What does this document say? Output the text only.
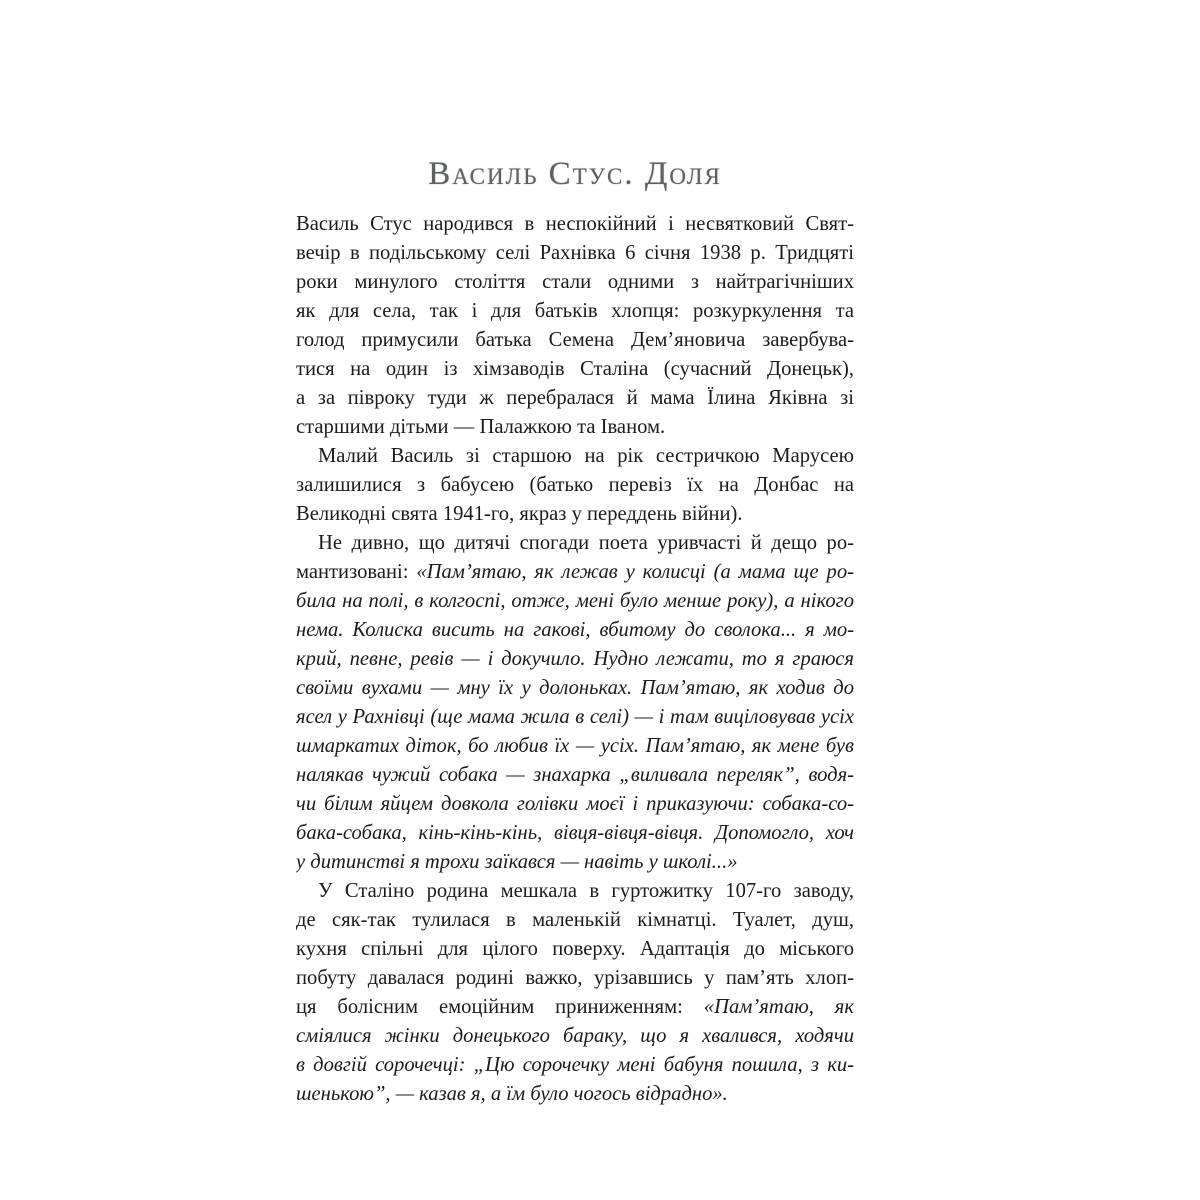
Василь Стус. Доля
Василь Стус народився в неспокійний і несвятковий Свят-
вечір в подільському селі Рахнівка 6 січня 1938 р. Тридцяті
роки минулого століття стали одними з найтрагічніших
як для села, так і для батьків хлопця: розкуркулення та
голод примусили батька Семена Дем’яновича завербува-
тися на один із хімзаводів Сталіна (сучасний Донецьк),
а за півроку туди ж перебралася й мама Їлина Яківна зі
старшими дітьми — Палажкою та Іваном.
Малий Василь зі старшою на рік сестричкою Марусею
залишилися з бабусею (батько перевіз їх на Донбас на
Великодні свята 1941-го, якраз у переддень війни).
Не дивно, що дитячі спогади поета уривчасті й дещо ро-
мантизовані: «Пам’ятаю, як лежав у колисці (а мама ще ро-
била на полі, в колгоспі, отже, мені було менше року), а нікого
нема. Колиска висить на гакові, вбитому до сволока... я мо-
крий, певне, ревів — і докучило. Нудно лежати, то я граюся
своїми вухами — мну їх у долоньках. Пам’ятаю, як ходив до
ясел у Рахнівці (ще мама жила в селі) — і там виціловував усіх
шмаркатих діток, бо любив їх — усіх. Пам’ятаю, як мене був
налякав чужий собака — знахарка „виливала переляк”, водя-
чи білим яйцем довкола голівки моєї і приказуючи: собака-со-
бака-собака, кінь-кінь-кінь, вівця-вівця-вівця. Допомогло, хоч
у дитинстві я трохи заїкався — навіть у школі...»
У Сталіно родина мешкала в гуртожитку 107-го заводу,
де сяк-так тулилася в маленькій кімнатці. Туалет, душ,
кухня спільні для цілого поверху. Адаптація до міського
побуту давалася родині важко, урізавшись у пам’ять хлоп-
ця болісним емоційним приниженням: «Пам’ятаю, як
сміялися жінки донецького бараку, що я хвалився, ходячи
в довгій сорочечці: „Цю сорочечку мені бабуня пошила, з ки-
шенькою”, — казав я, а їм було чогось відрадно».
